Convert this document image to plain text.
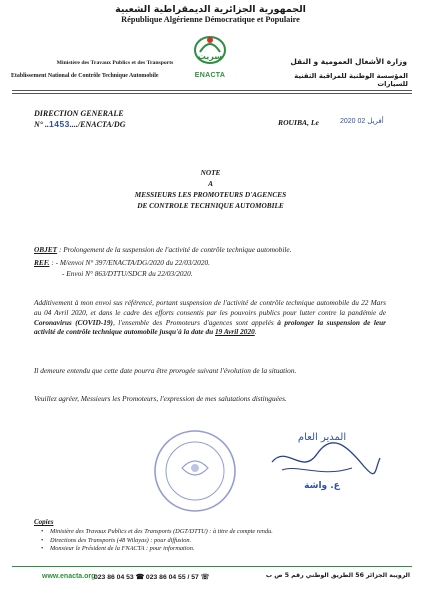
الجمهورية الجزائرية الديمقراطية الشعبية
République Algérienne Démocratique et Populaire
Ministère des Travaux Publics et des Transports
Etablissement National de Contrôle Technique Automobile
سريت
ENACTA
وزارة الأشغال العمومية و النقل
المؤسسة الوطنية للمراقبة التقنية للسيارات
DIRECTION GENERALE
N° ..1453..../ENACTA/DG	ROUIBA, Le	2020 أفريل 02
NOTE
A
MESSIEURS LES PROMOTEURS D'AGENCES
DE CONTROLE TECHNIQUE AUTOMOBILE
OBJET : Prolongement de la suspension de l'activité de contrôle technique automobile.
REF. : - M/envoi N° 397/ENACTA/DG/2020 du 22/03/2020.
- Envoi N° 863/DTTU/SDCR du 22/03/2020.
Additivement à mon envoi sus référencé, portant suspension de l'activité de contrôle technique automobile du 22 Mars au 04 Avril 2020, et dans le cadre des efforts consentis par les pouvoirs publics pour lutter contre la pandémie de Coronavirus (COVID-19), l'ensemble des Promoteurs d'agences sont appelés à prolonger la suspension de leur activité de contrôle technique automobile jusqu'à la date du 19 Avril 2020.
Il demeure entendu que cette date pourra être prorogée suivant l'évolution de la situation.
Veuillez agréer, Messieurs les Promoteurs, l'expression de mes salutations distinguées.
المدير العام
ع. واشة
Copies
• Ministère des Travaux Publics et des Transports (DGT/DTTU) : à titre de compte rendu.
• Directions des Transports (48 Wilayas) : pour diffusion.
• Monsieur le Président de la FNACTA : pour information.
www.enacta.org
023 86 04 53 ☎ 023 86 04 55 / 57 ☏	الرويبة الجزائر 56 الطريق الوطني رقم 5 ص ب
